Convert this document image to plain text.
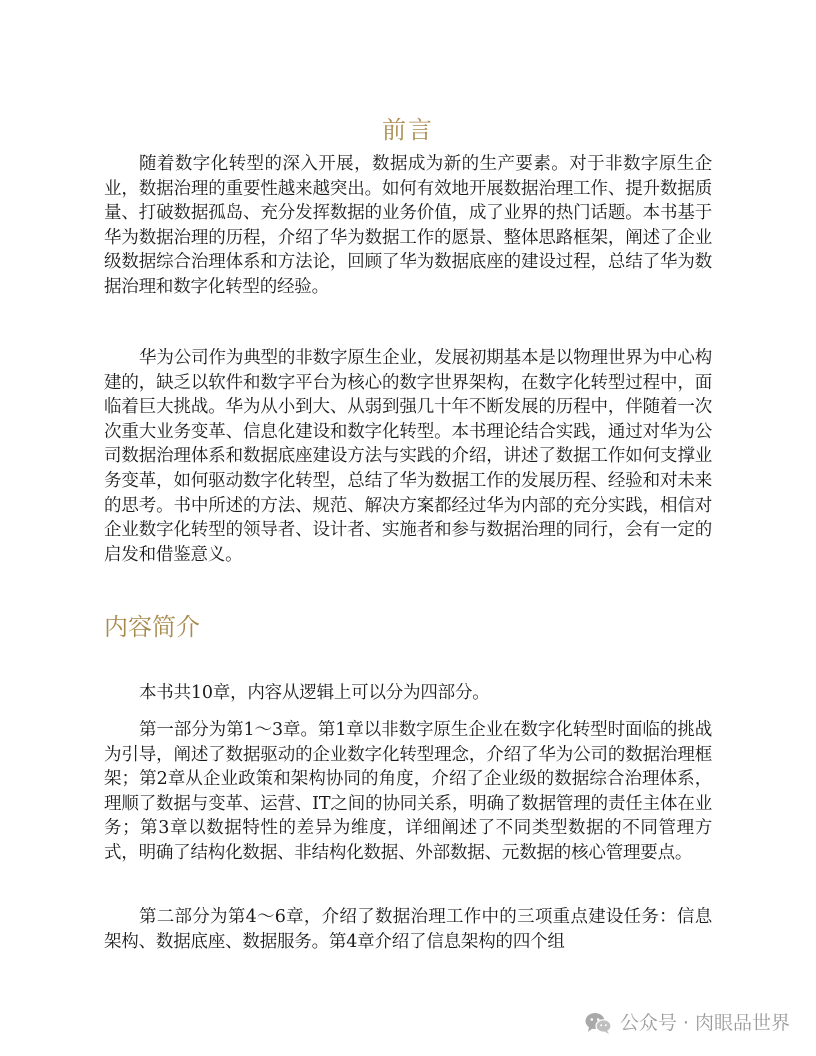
前言

随着数字化转型的深入开展，数据成为新的生产要素。对于非数字原生企业，数据治理的重要性越来越突出。如何有效地开展数据治理工作、提升数据质量、打破数据孤岛、充分发挥数据的业务价值，成了业界的热门话题。本书基于华为数据治理的历程，介绍了华为数据工作的愿景、整体思路框架，阐述了企业级数据综合治理体系和方法论，回顾了华为数据底座的建设过程，总结了华为数据治理和数字化转型的经验。

华为公司作为典型的非数字原生企业，发展初期基本是以物理世界为中心构建的，缺乏以软件和数字平台为核心的数字世界架构，在数字化转型过程中，面临着巨大挑战。华为从小到大、从弱到强几十年不断发展的历程中，伴随着一次次重大业务变革、信息化建设和数字化转型。本书理论结合实践，通过对华为公司数据治理体系和数据底座建设方法与实践的介绍，讲述了数据工作如何支撑业务变革，如何驱动数字化转型，总结了华为数据工作的发展历程、经验和对未来的思考。书中所述的方法、规范、解决方案都经过华为内部的充分实践，相信对企业数字化转型的领导者、设计者、实施者和参与数据治理的同行，会有一定的启发和借鉴意义。

内容简介

本书共10章，内容从逻辑上可以分为四部分。

第一部分为第1～3章。第1章以非数字原生企业在数字化转型时面临的挑战为引导，阐述了数据驱动的企业数字化转型理念，介绍了华为公司的数据治理框架；第2章从企业政策和架构协同的角度，介绍了企业级的数据综合治理体系，理顺了数据与变革、运营、IT之间的协同关系，明确了数据管理的责任主体在业务；第3章以数据特性的差异为维度，详细阐述了不同类型数据的不同管理方式，明确了结构化数据、非结构化数据、外部数据、元数据的核心管理要点。

第二部分为第4～6章，介绍了数据治理工作中的三项重点建设任务：信息架构、数据底座、数据服务。第4章介绍了信息架构的四个组

公众号 · 肉眼品世界
